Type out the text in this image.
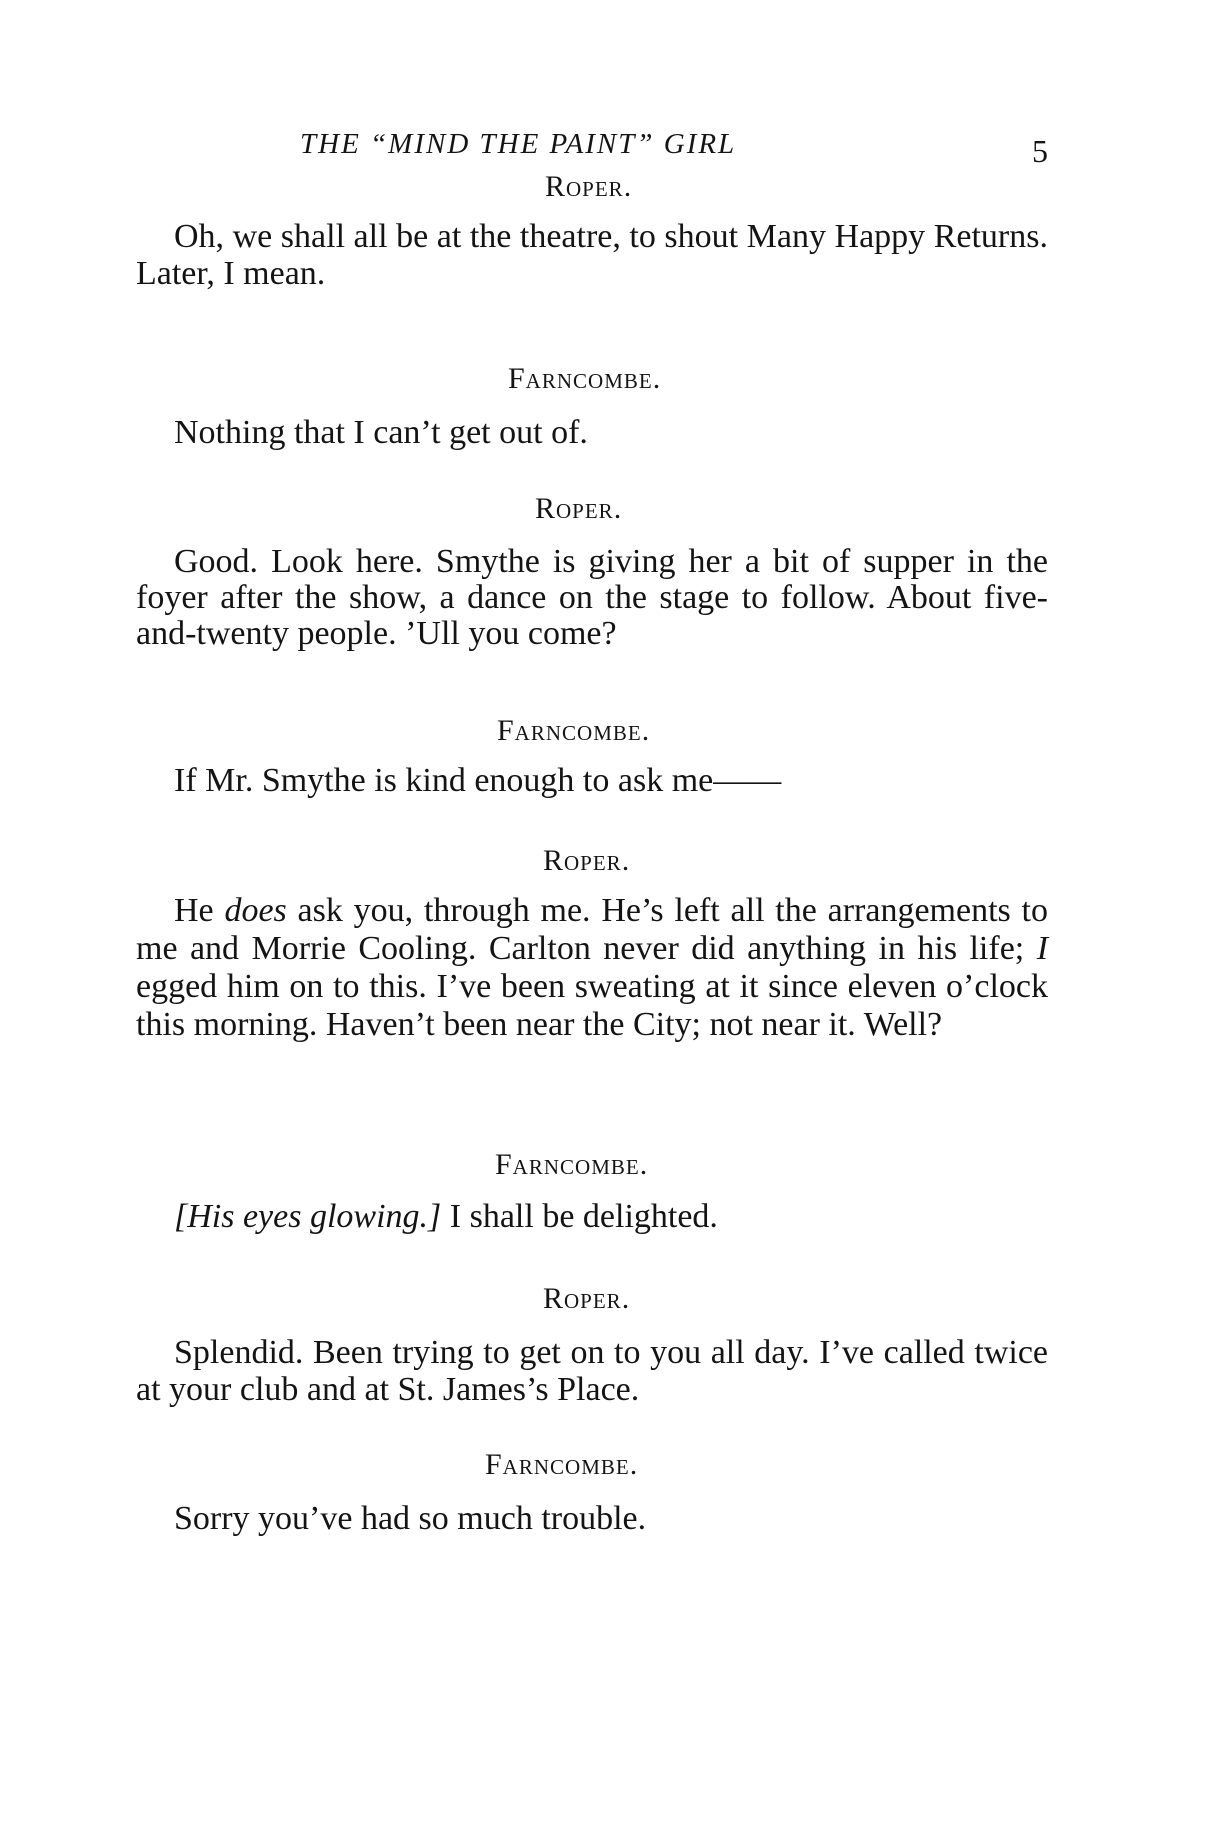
THE “MIND THE PAINT” GIRL	5
Roper.

Oh, we shall all be at the theatre, to shout Many Happy Returns. Later, I mean.

Farncombe.

Nothing that I can’t get out of.

Roper.

Good. Look here. Smythe is giving her a bit of supper in the foyer after the show, a dance on the stage to follow. About five-and-twenty people. ’Ull you come?

Farncombe.

If Mr. Smythe is kind enough to ask me——

Roper.

He does ask you, through me. He’s left all the arrangements to me and Morrie Cooling. Carlton never did anything in his life; I egged him on to this. I’ve been sweating at it since eleven o’clock this morning. Haven’t been near the City; not near it. Well?

Farncombe.

[His eyes glowing.] I shall be delighted.

Roper.

Splendid. Been trying to get on to you all day. I’ve called twice at your club and at St. James’s Place.

Farncombe.

Sorry you’ve had so much trouble.
